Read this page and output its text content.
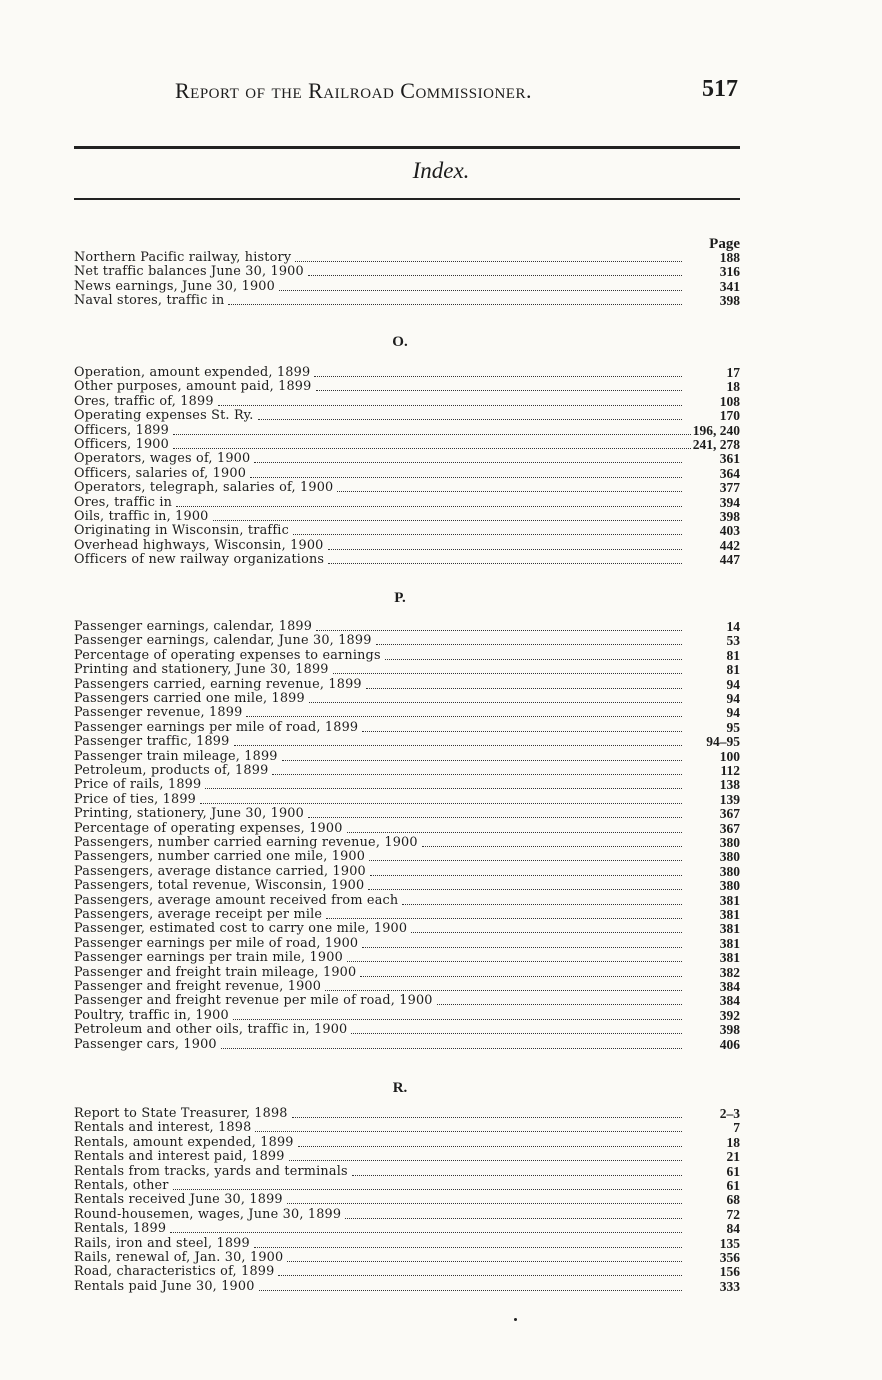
Report of the Railroad Commissioner.	517
Index.
Page
Northern Pacific railway, history	188
Net traffic balances June 30, 1900	316
News earnings, June 30, 1900	341
Naval stores, traffic in	398
O.
Operation, amount expended, 1899	17
Other purposes, amount paid, 1899	18
Ores, traffic of, 1899	108
Operating expenses St. Ry.	170
Officers, 1899	196, 240
Officers, 1900	241, 278
Operators, wages of, 1900	361
Officers, salaries of, 1900	364
Operators, telegraph, salaries of, 1900	377
Ores, traffic in	394
Oils, traffic in, 1900	398
Originating in Wisconsin, traffic	403
Overhead highways, Wisconsin, 1900	442
Officers of new railway organizations	447
P.
Passenger earnings, calendar, 1899	14
Passenger earnings, calendar, June 30, 1899	53
Percentage of operating expenses to earnings	81
Printing and stationery, June 30, 1899	81
Passengers carried, earning revenue, 1899	94
Passengers carried one mile, 1899	94
Passenger revenue, 1899	94
Passenger earnings per mile of road, 1899	95
Passenger traffic, 1899	94–95
Passenger train mileage, 1899	100
Petroleum, products of, 1899	112
Price of rails, 1899	138
Price of ties, 1899	139
Printing, stationery, June 30, 1900	367
Percentage of operating expenses, 1900	367
Passengers, number carried earning revenue, 1900	380
Passengers, number carried one mile, 1900	380
Passengers, average distance carried, 1900	380
Passengers, total revenue, Wisconsin, 1900	380
Passengers, average amount received from each	381
Passengers, average receipt per mile	381
Passenger, estimated cost to carry one mile, 1900	381
Passenger earnings per mile of road, 1900	381
Passenger earnings per train mile, 1900	381
Passenger and freight train mileage, 1900	382
Passenger and freight revenue, 1900	384
Passenger and freight revenue per mile of road, 1900	384
Poultry, traffic in, 1900	392
Petroleum and other oils, traffic in, 1900	398
Passenger cars, 1900	406
R.
Report to State Treasurer, 1898	2–3
Rentals and interest, 1898	7
Rentals, amount expended, 1899	18
Rentals and interest paid, 1899	21
Rentals from tracks, yards and terminals	61
Rentals, other	61
Rentals received June 30, 1899	68
Round-housemen, wages, June 30, 1899	72
Rentals, 1899	84
Rails, iron and steel, 1899	135
Rails, renewal of, Jan. 30, 1900	356
Road, characteristics of, 1899	156
Rentals paid June 30, 1900	333
